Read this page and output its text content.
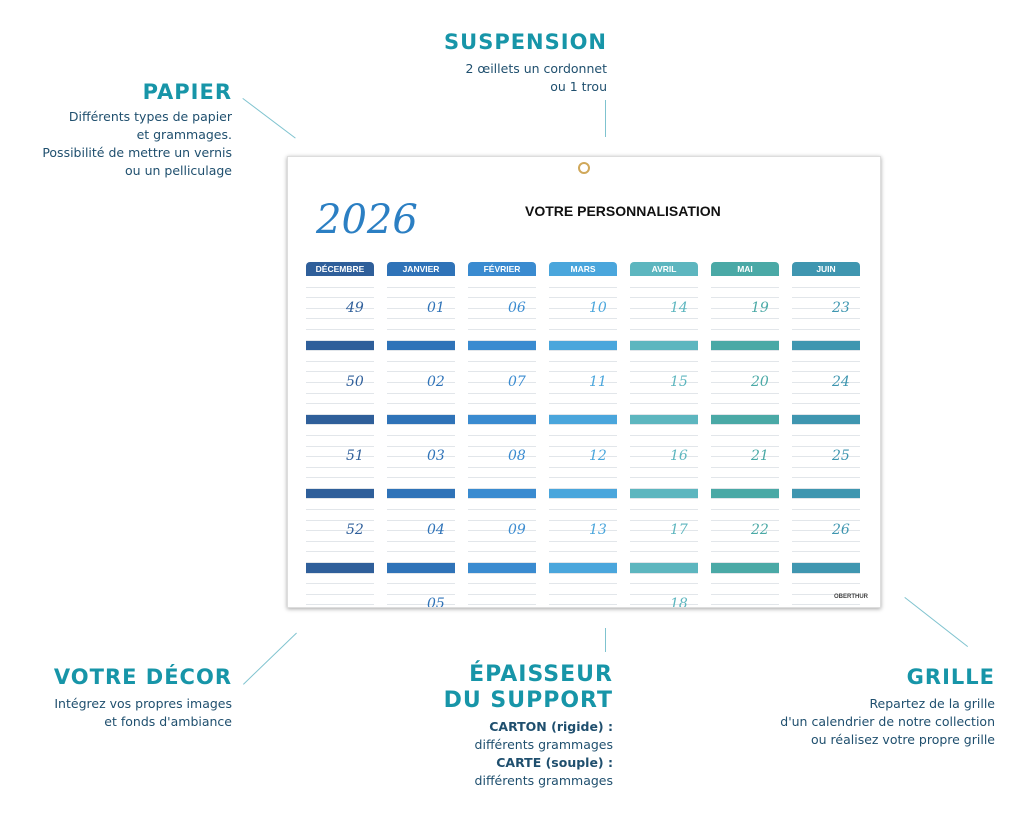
PAPIER
Différents types de papier
et grammages.
Possibilité de mettre un vernis
ou un pelliculage
SUSPENSION
2 œillets un cordonnet
ou 1 trou
VOTRE DÉCOR
Intégrez vos propres images
et fonds d'ambiance
ÉPAISSEUR
DU SUPPORT
CARTON (rigide) :
différents grammages
CARTE (souple) :
différents grammages
GRILLE
Repartez de la grille
d'un calendrier de notre collection
ou réalisez votre propre grille
2026	VOTRE PERSONNALISATION
DÉCEMBRE 2024
49
50
51
52
JANVIER
01
02
03
04
05
FÉVRIER
06
07
08
09
MARS
10
11
12
13
AVRIL
14
15
16
17
18
MAI
19
20
21
22
JUIN
23
24
25
26
OBERTHUR
